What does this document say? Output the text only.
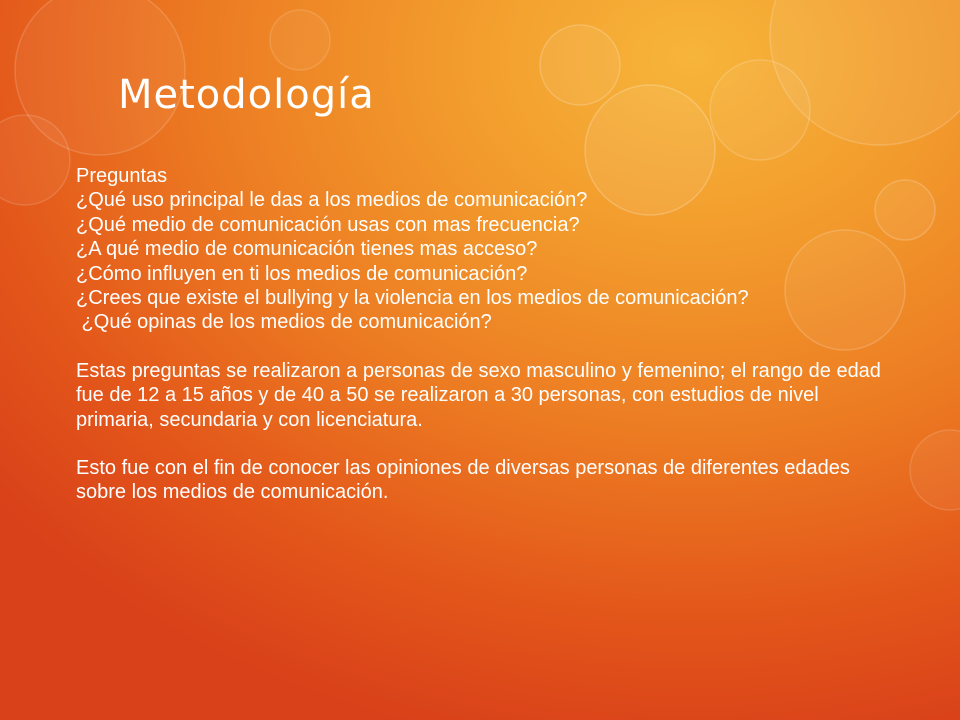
Metodología

Preguntas

¿Qué uso principal le das a los medios de comunicación?

¿Qué medio de comunicación usas con mas frecuencia?

¿A qué medio de comunicación tienes mas acceso?

¿Cómo influyen en ti los medios de comunicación?

¿Crees que existe el bullying y la violencia en los medios de comunicación?

¿Qué opinas de los medios de comunicación?

Estas preguntas se realizaron a personas de sexo masculino y femenino; el rango de edad fue de 12 a 15 años y de 40 a 50 se realizaron a 30 personas, con estudios de nivel primaria, secundaria y con licenciatura.

Esto fue con el fin de conocer las opiniones de diversas personas de diferentes edades sobre los medios de comunicación.
